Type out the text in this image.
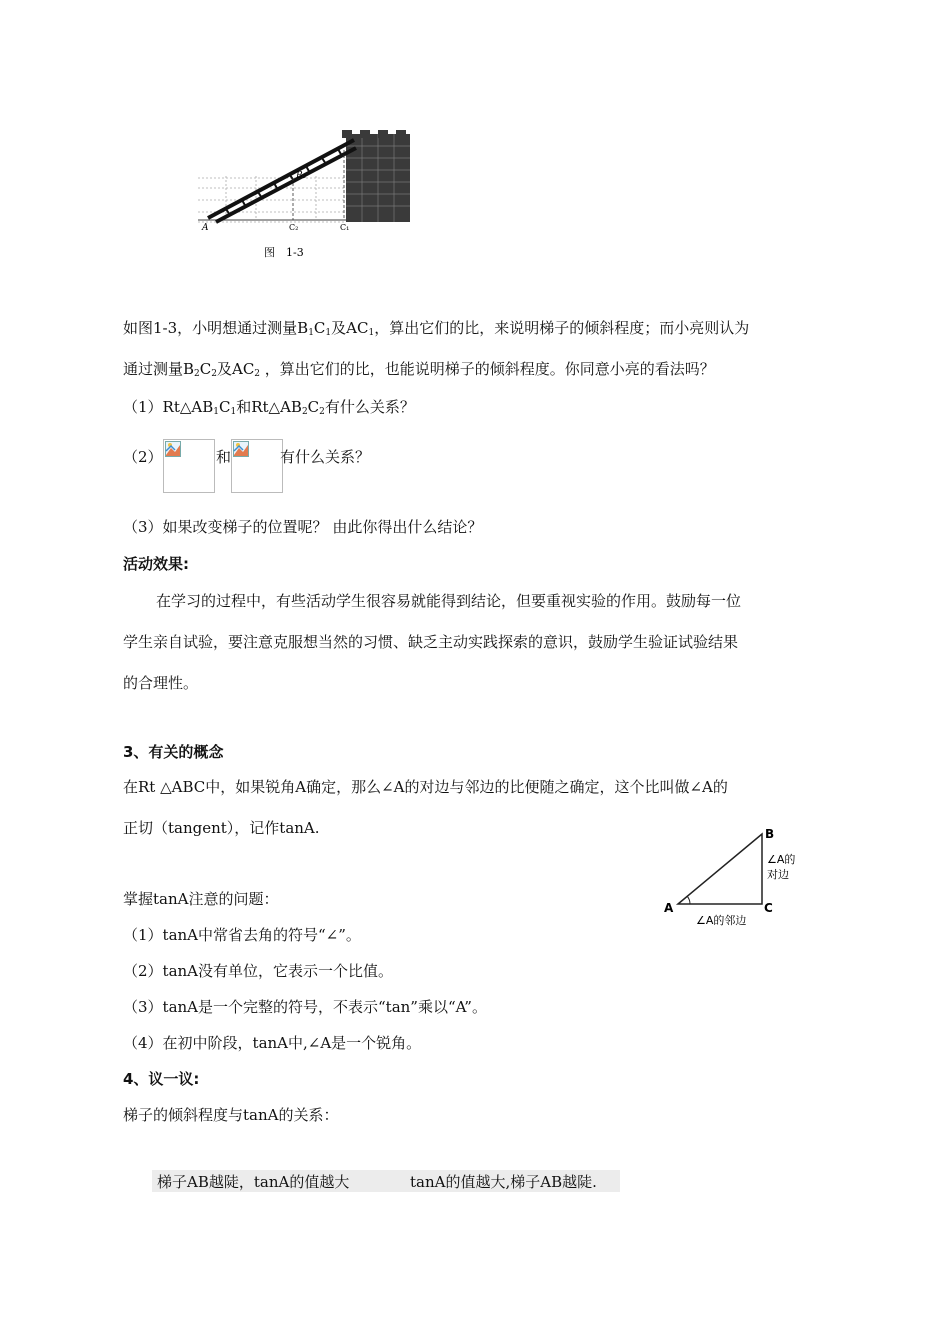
B₂
A	C₂	C₁
图　1-3
如图1-3，小明想通过测量$B_1C_1$及$AC_1$，算出它们的比，来说明梯子的倾斜程度；而小亮则认为
通过测量$B_2C_2$及$AC_2$ ，算出它们的比，也能说明梯子的倾斜程度。你同意小亮的看法吗？
$(1)Rt\triangle AB_1C_1$和$Rt\triangle AB_2C_2$有什么关系？
（2）	和	有什么关系？
（3）如果改变梯子的位置呢？ 由此你得出什么结论？
活动效果:
在学习的过程中，有些活动学生很容易就能得到结论，但要重视实验的作用。鼓励每一位
学生亲自试验，要注意克服想当然的习惯、缺乏主动实践探索的意识，鼓励学生验证试验结果
的合理性。
3、有关的概念
在Rt △ABC中，如果锐角A确定，那么∠A的对边与邻边的比便随之确定，这个比叫做∠A的
正切（tangent），记作tanA.
A
B
C
∠A的
对边
∠A的邻边
掌握tanA注意的问题：
（1）tanA中常省去角的符号“∠”。
（2）tanA没有单位，它表示一个比值。
（3）tanA是一个完整的符号，不表示“tan”乘以“A”。
（4）在初中阶段，tanA中,∠A是一个锐角。
4、议一议:
梯子的倾斜程度与tanA的关系：
梯子AB越陡，tanA的值越大	tanA的值越大,梯子AB越陡.
